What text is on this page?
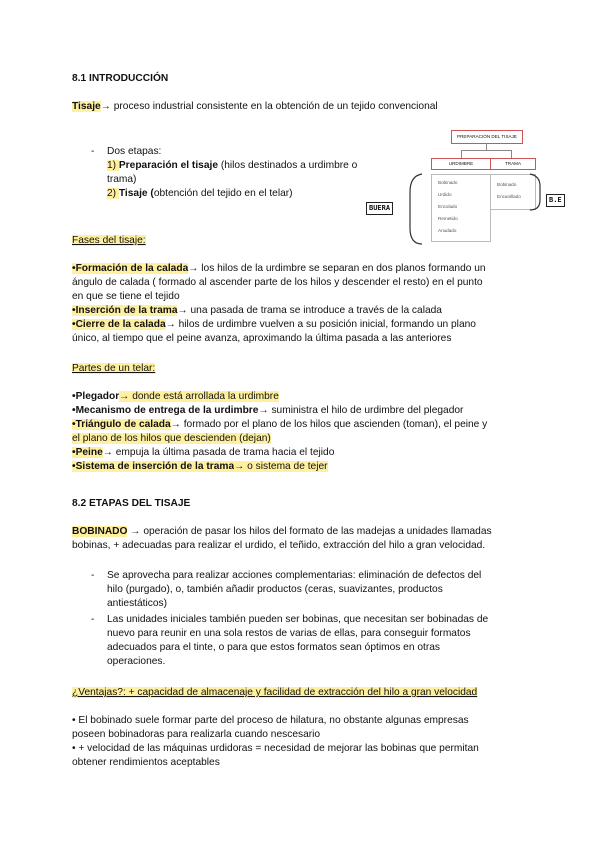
8.1 INTRODUCCIÓN
Tisaje→ proceso industrial consistente en la obtención de un tejido convencional
- Dos etapas:
1) Preparación el tisaje (hilos destinados a urdimbre o
trama)
2) Tisaje (obtención del tejido en el telar)
PREPARACIÓN DEL TISAJE
URDIMBRE	TRAMA
Bobinado
Urdido
Encolado
Remetido
Anudado
Bobinado
Encanillado
BUERA
B.E
Fases del tisaje:
•Formación de la calada→ los hilos de la urdimbre se separan en dos planos formando un
ángulo de calada ( formado al ascender parte de los hilos y descender el resto) en el punto
en que se tiene el tejido
•Inserción de la trama→ una pasada de trama se introduce a través de la calada
•Cierre de la calada→ hilos de urdimbre vuelven a su posición inicial, formando un plano
único, al tiempo que el peine avanza, aproximando la última pasada a las anteriores
Partes de un telar:
•Plegador→ donde está arrollada la urdimbre
•Mecanismo de entrega de la urdimbre→ suministra el hilo de urdimbre del plegador
•Triángulo de calada→ formado por el plano de los hilos que ascienden (toman), el peine y
el plano de los hilos que descienden (dejan)
•Peine→ empuja la última pasada de trama hacia el tejido
•Sistema de inserción de la trama→ o sistema de tejer
8.2 ETAPAS DEL TISAJE
BOBINADO → operación de pasar los hilos del formato de las madejas a unidades llamadas
bobinas, + adecuadas para realizar el urdido, el teñido, extracción del hilo a gran velocidad.
- Se aprovecha para realizar acciones complementarias: eliminación de defectos del
hilo (purgado), o, también añadir productos (ceras, suavizantes, productos
antiestáticos)
- Las unidades iniciales también pueden ser bobinas, que necesitan ser bobinadas de
nuevo para reunir en una sola restos de varias de ellas, para conseguir formatos
adecuados para el tinte, o para que estos formatos sean óptimos en otras
operaciones.
¿Ventajas?: + capacidad de almacenaje y facilidad de extracción del hilo a gran velocidad
• El bobinado suele formar parte del proceso de hilatura, no obstante algunas empresas
poseen bobinadoras para realizarla cuando nescesario
• + velocidad de las máquinas urdidoras = necesidad de mejorar las bobinas que permitan
obtener rendimientos aceptables
